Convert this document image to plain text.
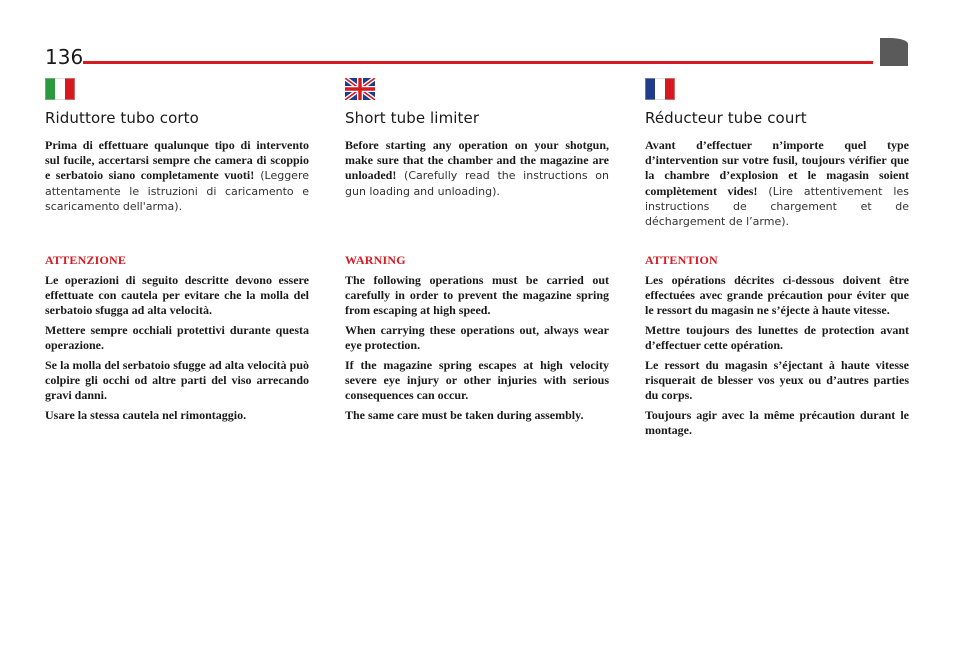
136
Riduttore tubo corto

Prima di effettuare qualunque tipo di intervento sul fucile, accertarsi sempre che camera di scoppio e serbatoio siano completamente vuoti! (Leggere attentamente le istruzioni di caricamento e scaricamento dell'arma).

ATTENZIONE

Le operazioni di seguito descritte devono essere effettuate con cautela per evitare che la molla del serbatoio sfugga ad alta velocità.

Mettere sempre occhiali protettivi durante questa operazione.

Se la molla del serbatoio sfugge ad alta velocità può colpire gli occhi od altre parti del viso arrecando gravi danni.

Usare la stessa cautela nel rimontaggio.

Short tube limiter

Before starting any operation on your shotgun, make sure that the chamber and the magazine are unloaded! (Carefully read the instructions on gun loading and unloading).

WARNING

The following operations must be carried out carefully in order to prevent the magazine spring from escaping at high speed.

When carrying these operations out, always wear eye protection.

If the magazine spring escapes at high velocity severe eye injury or other injuries with serious consequences can occur.

The same care must be taken during assembly.

Réducteur tube court

Avant d’effectuer n’importe quel type d’intervention sur votre fusil, toujours vérifier que la chambre d’explosion et le magasin soient complètement vides! (Lire attentivement les instructions de chargement et de déchargement de l’arme).

ATTENTION

Les opérations décrites ci-dessous doivent être effectuées avec grande précaution pour éviter que le ressort du magasin ne s’éjecte à haute vitesse.

Mettre toujours des lunettes de protection avant d’effectuer cette opération.

Le ressort du magasin s’éjectant à haute vitesse risquerait de blesser vos yeux ou d’autres parties du corps.

Toujours agir avec la même précaution durant le montage.
